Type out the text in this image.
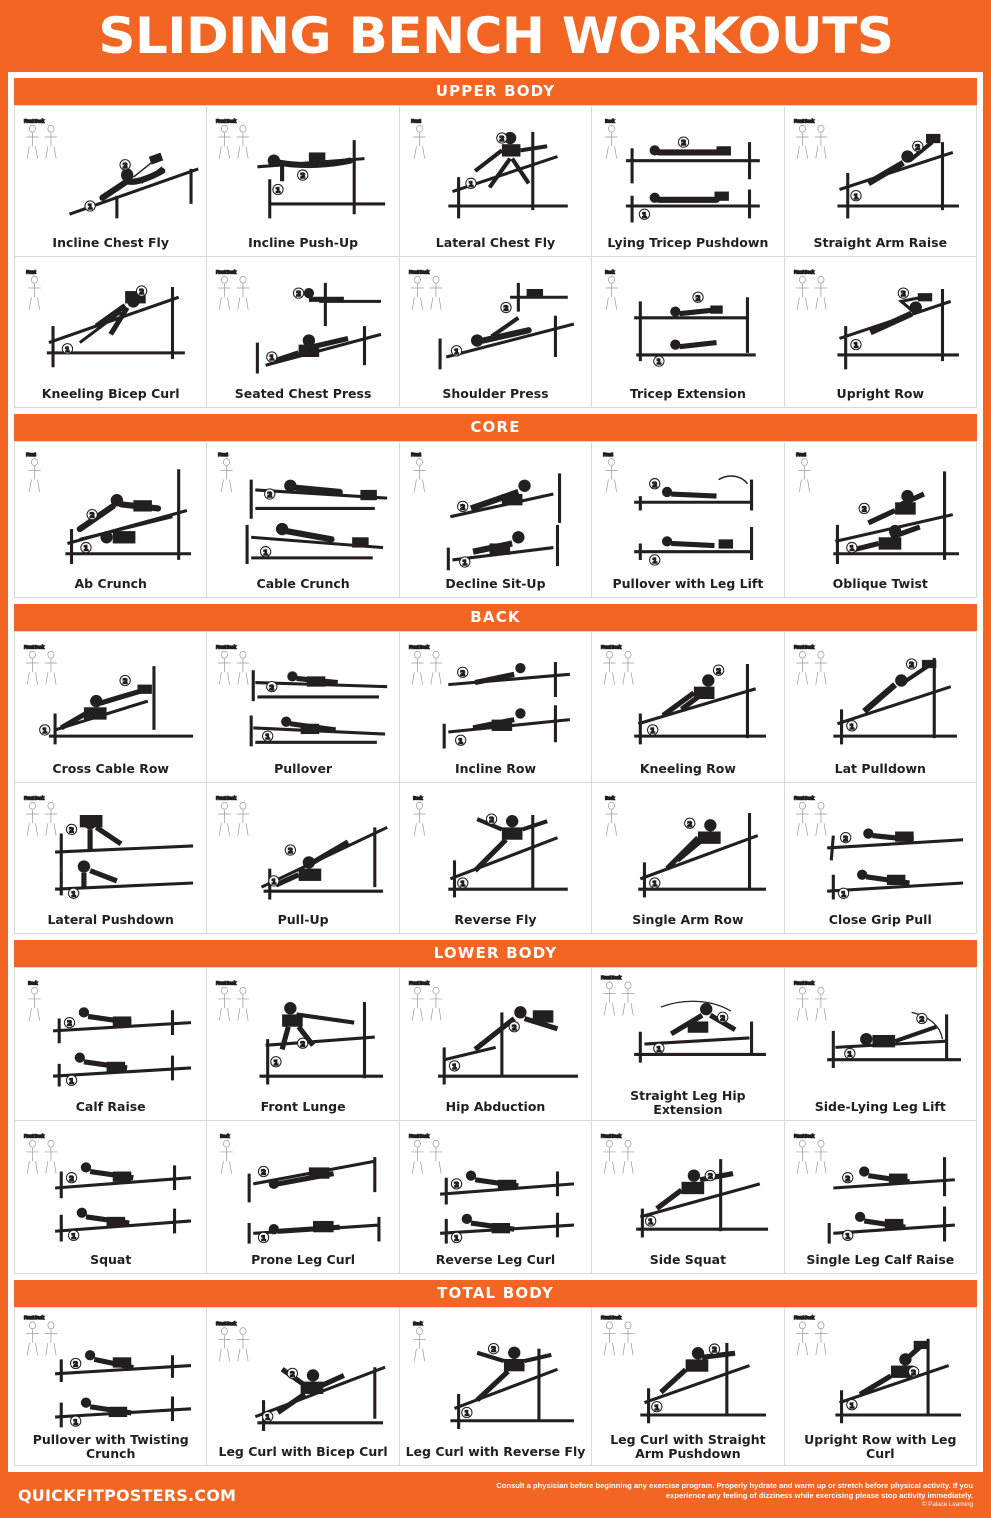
SLIDING BENCH WORKOUTS
UPPER BODY
Front Back
1
2
Incline Chest Fly
Front Back
1
2
Incline Push-Up
Front
1
2
Lateral Chest Fly
Back
1
2
Lying Tricep Pushdown
Front Back
1
2
Straight Arm Raise
Front
1
2
Kneeling Bicep Curl
Front Back
1
2
Seated Chest Press
Front Back
1
2
Shoulder Press
Back
1
2
Tricep Extension
Front Back
1
2
Upright Row
CORE
Front
1
2
Ab Crunch
Front
1
2
Cable Crunch
Front
1
2
Decline Sit-Up
Front
1
2
Pullover with Leg Lift
Front
1
2
Oblique Twist
BACK
Front Back
1
2
Cross Cable Row
Front Back
1
2
Pullover
Front Back
1
2
Incline Row
Front Back
1
2
Kneeling Row
Front Back
1
2
Lat Pulldown
Front Back
1
2
Lateral Pushdown
Front Back
1
2
Pull-Up
Back
1
2
Reverse Fly
Back
1
2
Single Arm Row
Front Back
1
2
Close Grip Pull
LOWER BODY
Back
1
2
Calf Raise
Front Back
1
2
Front Lunge
Front Back
1
2
Hip Abduction
Front Back
1
2
Straight Leg Hip Extension
Front Back
1
2
Side-Lying Leg Lift
Front Back
1
2
Squat
Back
1
2
Prone Leg Curl
Front Back
1
2
Reverse Leg Curl
Front Back
1
2
Side Squat
Front Back
1
2
Single Leg Calf Raise
TOTAL BODY
Front Back
1
2
Pullover with Twisting Crunch
Front Back
1
2
Leg Curl with Bicep Curl
Back
1
2
Leg Curl with Reverse Fly
Front Back
1
2
Leg Curl with Straight Arm Pushdown
Front Back
1
2
Upright Row with Leg Curl
QUICKFITPOSTERS.COM	Consult a physician before beginning any exercise program. Properly hydrate and warm up or stretch before physical activity. If you experience any feeling of dizziness while exercising please stop activity immediately.
© Palace Learning
